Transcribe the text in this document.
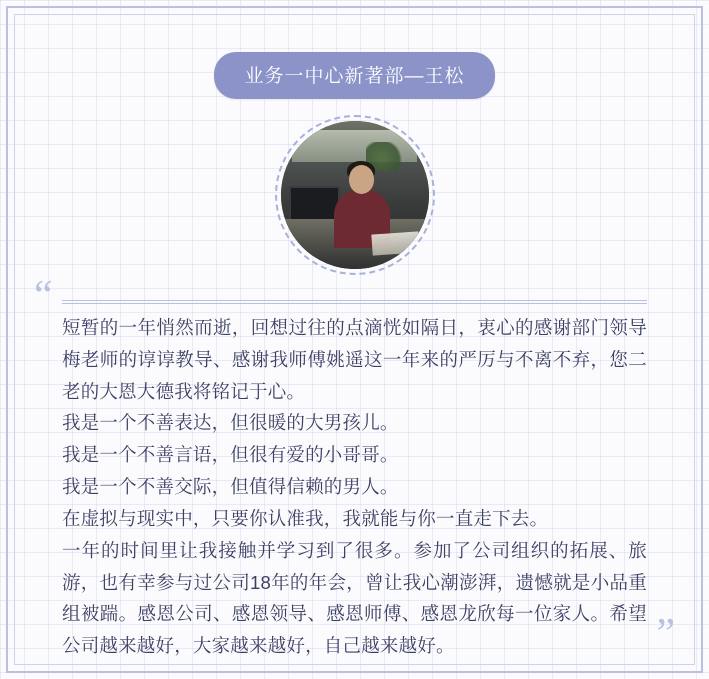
业务一中心新著部—王松
“

短暂的一年悄然而逝，回想过往的点滴恍如隔日，衷心的感谢部门领导梅老师的谆谆教导、感谢我师傅姚遥这一年来的严厉与不离不弃，您二老的大恩大德我将铭记于心。

我是一个不善表达，但很暖的大男孩儿。

我是一个不善言语，但很有爱的小哥哥。

我是一个不善交际，但值得信赖的男人。

在虚拟与现实中，只要你认准我，我就能与你一直走下去。

一年的时间里让我接触并学习到了很多。参加了公司组织的拓展、旅游，也有幸参与过公司18年的年会，曾让我心潮澎湃，遗憾就是小品重组被踹。感恩公司、感恩领导、感恩师傅、感恩龙欣每一位家人。希望公司越来越好，大家越来越好，自己越来越好。	”
